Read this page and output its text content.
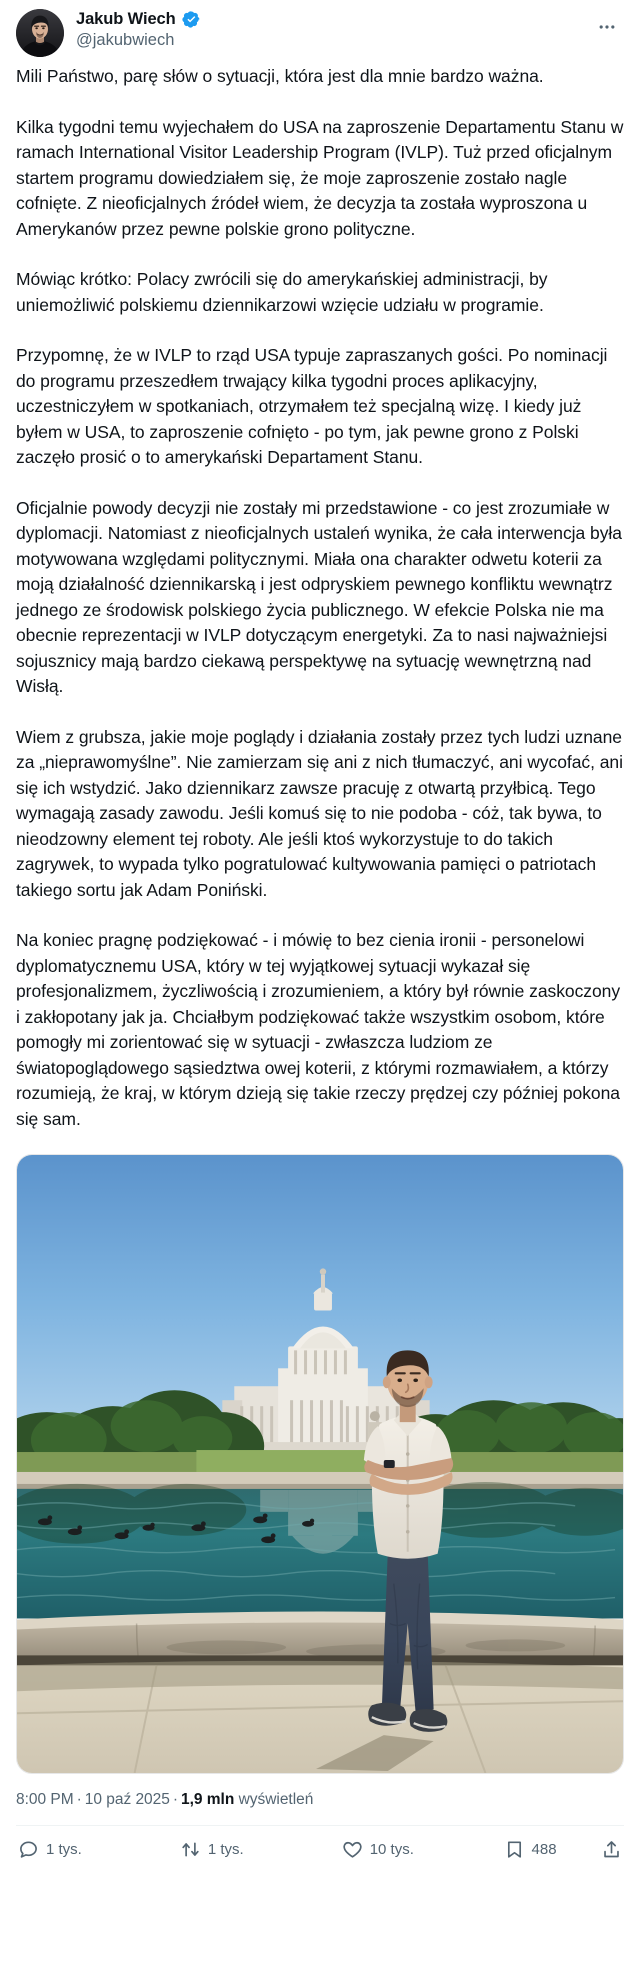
Jakub Wiech
@jakubwiech

Mili Państwo, parę słów o sytuacji, która jest dla mnie bardzo ważna.

Kilka tygodni temu wyjechałem do USA na zaproszenie Departamentu Stanu w ramach International Visitor Leadership Program (IVLP). Tuż przed oficjalnym startem programu dowiedziałem się, że moje zaproszenie zostało nagle cofnięte. Z nieoficjalnych źródeł wiem, że decyzja ta została wyproszona u Amerykanów przez pewne polskie grono polityczne.

Mówiąc krótko: Polacy zwrócili się do amerykańskiej administracji, by uniemożliwić polskiemu dziennikarzowi wzięcie udziału w programie.

Przypomnę, że w IVLP to rząd USA typuje zapraszanych gości. Po nominacji do programu przeszedłem trwający kilka tygodni proces aplikacyjny, uczestniczyłem w spotkaniach, otrzymałem też specjalną wizę. I kiedy już byłem w USA, to zaproszenie cofnięto - po tym, jak pewne grono z Polski zaczęło prosić o to amerykański Departament Stanu.

Oficjalnie powody decyzji nie zostały mi przedstawione - co jest zrozumiałe w dyplomacji. Natomiast z nieoficjalnych ustaleń wynika, że cała interwencja była motywowana względami politycznymi. Miała ona charakter odwetu koterii za moją działalność dziennikarską i jest odpryskiem pewnego konfliktu wewnątrz jednego ze środowisk polskiego życia publicznego. W efekcie Polska nie ma obecnie reprezentacji w IVLP dotyczącym energetyki. Za to nasi najważniejsi sojusznicy mają bardzo ciekawą perspektywę na sytuację wewnętrzną nad Wisłą.

Wiem z grubsza, jakie moje poglądy i działania zostały przez tych ludzi uznane za „nieprawomyślne”. Nie zamierzam się ani z nich tłumaczyć, ani wycofać, ani się ich wstydzić. Jako dziennikarz zawsze pracuję z otwartą przyłbicą. Tego wymagają zasady zawodu. Jeśli komuś się to nie podoba - cóż, tak bywa, to nieodzowny element tej roboty. Ale jeśli ktoś wykorzystuje to do takich zagrywek, to wypada tylko pogratulować kultywowania pamięci o patriotach takiego sortu jak Adam Poniński.

Na koniec pragnę podziękować - i mówię to bez cienia ironii - personelowi dyplomatycznemu USA, który w tej wyjątkowej sytuacji wykazał się profesjonalizmem, życzliwością i zrozumieniem, a który był równie zaskoczony i zakłopotany jak ja. Chciałbym podziękować także wszystkim osobom, które pomogły mi zorientować się w sytuacji - zwłaszcza ludziom ze światopoglądowego sąsiedztwa owej koterii, z którymi rozmawiałem, a którzy rozumieją, że kraj, w którym dzieją się takie rzeczy prędzej czy później pokona się sam.

8:00 PM · 10 paź 2025 · 1,9 mln wyświetleń
1 tys.	1 tys.	10 tys.	488
